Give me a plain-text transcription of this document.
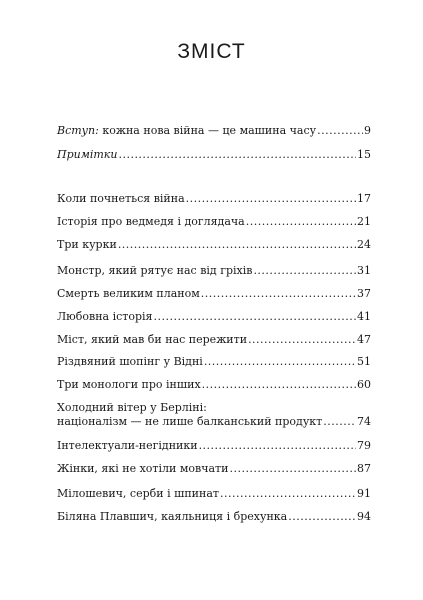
ЗМІСТ
Вступ: кожна нова війна — це машина часу .....	9
Примітки .....	15
Коли почнеться війна .....	17
Історія про ведмедя і доглядача .....	21
Три курки .....	24
Монстр, який рятує нас від гріхів .....	31
Смерть великим планом .....	37
Любовна історія .....	41
Міст, який мав би нас пережити .....	47
Різдвяний шопінг у Відні .....	51
Три монологи про інших .....	60
Холодний вітер у Берліні:
націоналізм — не лише балканський продукт .....	74
Інтелектуали-негідники .....	79
Жінки, які не хотіли мовчати .....	87
Мілошевич, серби і шпинат .....	91
Біляна Плавшич, каяльниця і брехунка .....	94
